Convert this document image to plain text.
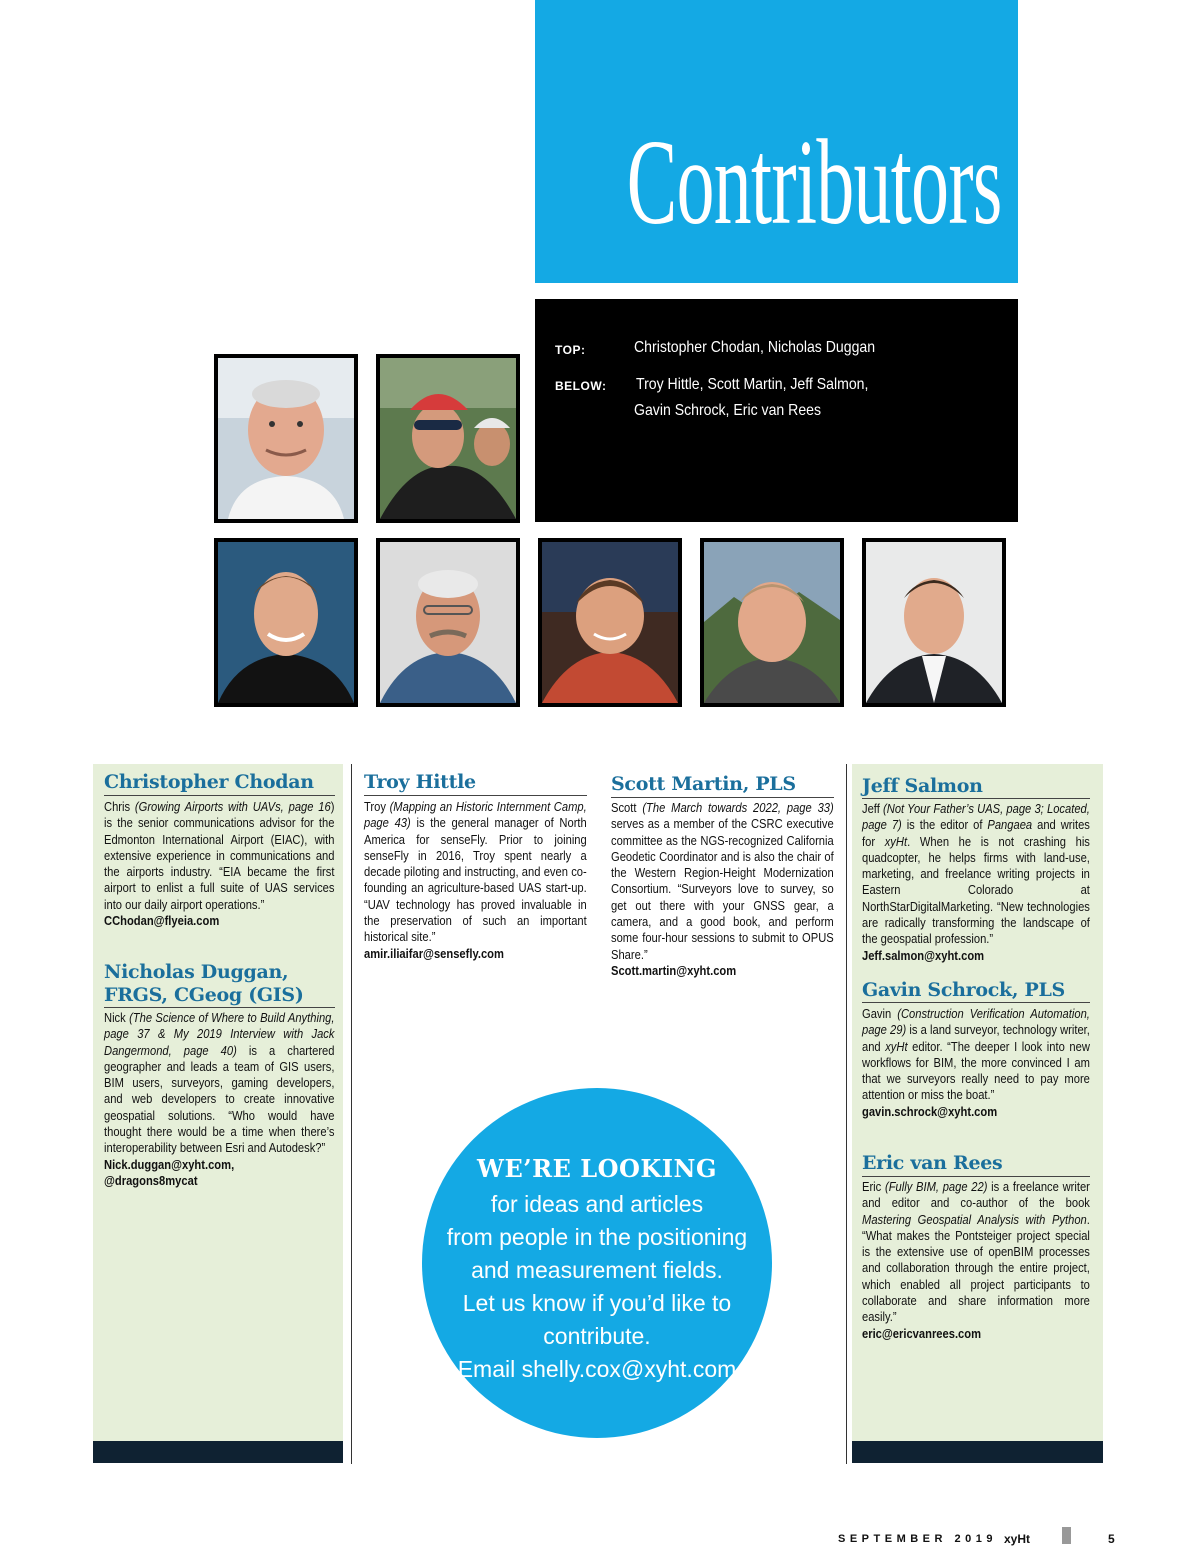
Contributors
TOP:	Christopher Chodan, Nicholas Duggan
BELOW: Troy Hittle, Scott Martin, Jeff Salmon,
Gavin Schrock, Eric van Rees
Christopher Chodan
Chris (Growing Airports with UAVs, page 16) is the senior communications advisor for the Edmonton International Airport (EIAC), with extensive experience in communications and the airports industry. “EIA became the first airport to enlist a full suite of UAS services into our daily airport operations.”
CChodan@flyeia.com
Nicholas Duggan,
FRGS, CGeog (GIS)
Nick (The Science of Where to Build Anything, page 37 & My 2019 Interview with Jack Dangermond, page 40) is a chartered geographer and leads a team of GIS users, BIM users, surveyors, gaming developers, and web developers to create innovative geospatial solutions. “Who would have thought there would be a time when there’s interoperability between Esri and Autodesk?”
Nick.duggan@xyht.com,
@dragons8mycat
Troy Hittle
Troy (Mapping an Historic Internment Camp, page 43) is the general manager of North America for senseFly. Prior to joining senseFly in 2016, Troy spent nearly a decade piloting and instructing, and even co-founding an agriculture-based UAS start-up. “UAV technology has proved invaluable in the preservation of such an important historical site.”
amir.iliaifar@sensefly.com
Scott Martin, PLS
Scott (The March towards 2022, page 33) serves as a member of the CSRC executive committee as the NGS-recognized California Geodetic Coordinator and is also the chair of the Western Region-Height Modernization Consortium. “Surveyors love to survey, so get out there with your GNSS gear, a camera, and a good book, and perform some four-hour sessions to submit to OPUS Share.”
Scott.martin@xyht.com
Jeff Salmon
Jeff (Not Your Father’s UAS, page 3; Located, page 7) is the editor of Pangaea and writes for xyHt. When he is not crashing his quadcopter, he helps firms with land-use, marketing, and freelance writing projects in Eastern Colorado at NorthStarDigitalMarketing. “New technologies are radically transforming the landscape of the geospatial profession.”
Jeff.salmon@xyht.com
Gavin Schrock, PLS
Gavin (Construction Verification Automation, page 29) is a land surveyor, technology writer, and xyHt editor. “The deeper I look into new workflows for BIM, the more convinced I am that we surveyors really need to pay more attention or miss the boat.”
gavin.schrock@xyht.com
Eric van Rees
Eric (Fully BIM, page 22) is a freelance writer and editor and co-author of the book Mastering Geospatial Analysis with Python. “What makes the Pontsteiger project special is the extensive use of openBIM processes and collaboration through the entire project, which enabled all project participants to collaborate and share information more easily.”
eric@ericvanrees.com
WE’RE LOOKING
for ideas and articles
from people in the positioning
and measurement fields.
Let us know if you’d like to
contribute.
Email shelly.cox@xyht.com
SEPTEMBER 2019 xyHt	5
